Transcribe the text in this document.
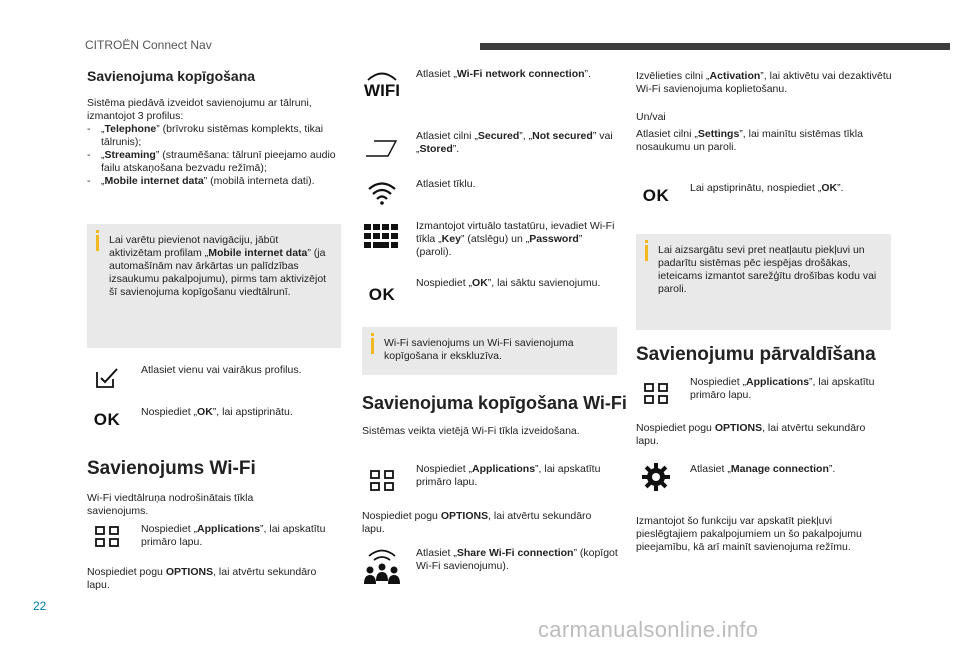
CITROËN Connect Nav
Savienojuma kopīgošana
Sistēma piedāvā izveidot savienojumu ar tālruni, izmantojot 3 profilus:
- „Telephone” (brīvroku sistēmas komplekts, tikai tālrunis);
- „Streaming” (straumēšana: tālrunī pieejamo audio failu atskaņošana bezvadu režīmā);
- „Mobile internet data” (mobilā interneta dati).
Lai varētu pievienot navigāciju, jābūt aktivizētam profilam „Mobile internet data” (ja automašīnām nav ārkārtas un palīdzības izsaukumu pakalpojumu), pirms tam aktivizējot šī savienojuma kopīgošanu viedtālrunī.
Atlasiet vienu vai vairākus profilus.
OK	Nospiediet „OK”, lai apstiprinātu.
Savienojums Wi-Fi
Wi-Fi viedtālruņa nodrošinātais tīkla savienojums.
Nospiediet „Applications”, lai apskatītu primāro lapu.
Nospiediet pogu OPTIONS, lai atvērtu sekundāro lapu.
WIFI
Atlasiet „Wi-Fi network connection”.
Atlasiet cilni „Secured”, „Not secured” vai „Stored”.
Atlasiet tīklu.
Izmantojot virtuālo tastatūru, ievadiet Wi-Fi tīkla „Key” (atslēgu) un „Password” (paroli).
OK
Nospiediet „OK”, lai sāktu savienojumu.
Wi-Fi savienojums un Wi-Fi savienojuma kopīgošana ir ekskluzīva.
Savienojuma kopīgošana Wi-Fi
Sistēmas veikta vietējā Wi-Fi tīkla izveidošana.
Nospiediet „Applications”, lai apskatītu primāro lapu.
Nospiediet pogu OPTIONS, lai atvērtu sekundāro lapu.
Atlasiet „Share Wi-Fi connection” (kopīgot Wi-Fi savienojumu).
Izvēlieties cilni „Activation”, lai aktivētu vai dezaktivētu Wi-Fi savienojuma koplietošanu.
Un/vai
Atlasiet cilni „Settings”, lai mainītu sistēmas tīkla nosaukumu un paroli.
OK	Lai apstiprinātu, nospiediet „OK”.
Lai aizsargātu sevi pret neatļautu piekļuvi un padarītu sistēmas pēc iespējas drošākas, ieteicams izmantot sarežģītu drošības kodu vai paroli.
Savienojumu pārvaldīšana
Nospiediet „Applications”, lai apskatītu primāro lapu.
Nospiediet pogu OPTIONS, lai atvērtu sekundāro lapu.
Atlasiet „Manage connection”.
Izmantojot šo funkciju var apskatīt piekļuvi pieslēgtajiem pakalpojumiem un šo pakalpojumu pieejamību, kā arī mainīt savienojuma režīmu.
22
carmanualsonline.info
